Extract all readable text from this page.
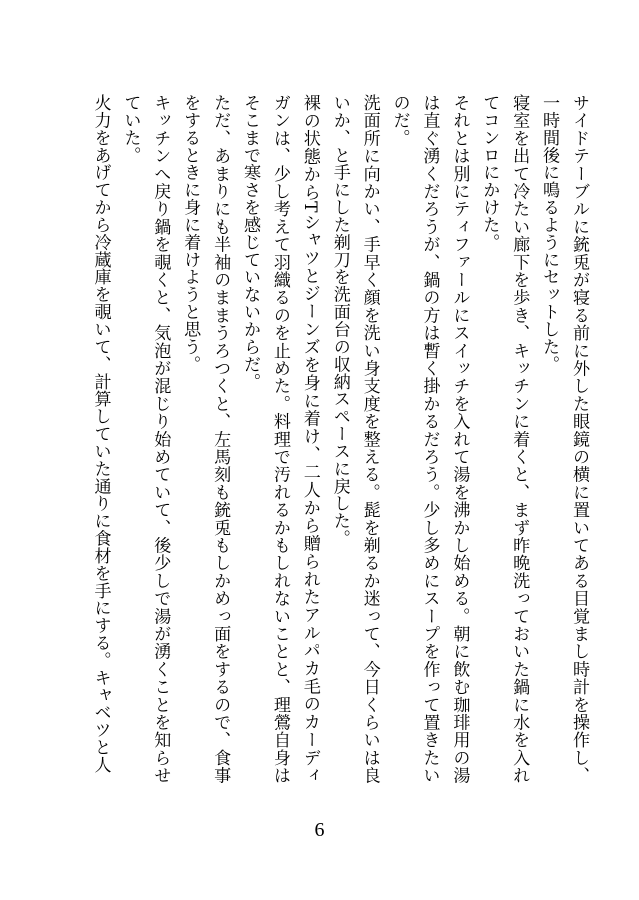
サイドテーブルに銃兎が寝る前に外した眼鏡の横に置いてある目覚まし時計を操作し、一時間後に鳴るようにセットした。

寝室を出て冷たい廊下を歩き、キッチンに着くと、まず昨晩洗っておいた鍋に水を入れてコンロにかけた。

それとは別にティファールにスイッチを入れて湯を沸かし始める。朝に飲む珈琲用の湯は直ぐ湧くだろうが、鍋の方は暫く掛かるだろう。少し多めにスープを作って置きたいのだ。

洗面所に向かい、手早く顔を洗い身支度を整える。髭を剃るか迷って、今日くらいは良いか、と手にした剃刀を洗面台の収納スペースに戻した。

裸の状態からTシャツとジーンズを身に着け、二人から贈られたアルパカ毛のカーディガンは、少し考えて羽織るのを止めた。料理で汚れるかもしれないことと、理鶯自身はそこまで寒さを感じていないからだ。

ただ、あまりにも半袖のままうろつくと、左馬刻も銃兎もしかめっ面をするので、食事をするときに身に着けようと思う。

キッチンへ戻り鍋を覗くと、気泡が混じり始めていて、後少しで湯が湧くことを知らせていた。

火力をあげてから冷蔵庫を覗いて、計算していた通りに食材を手にする。キャベツと人

6
